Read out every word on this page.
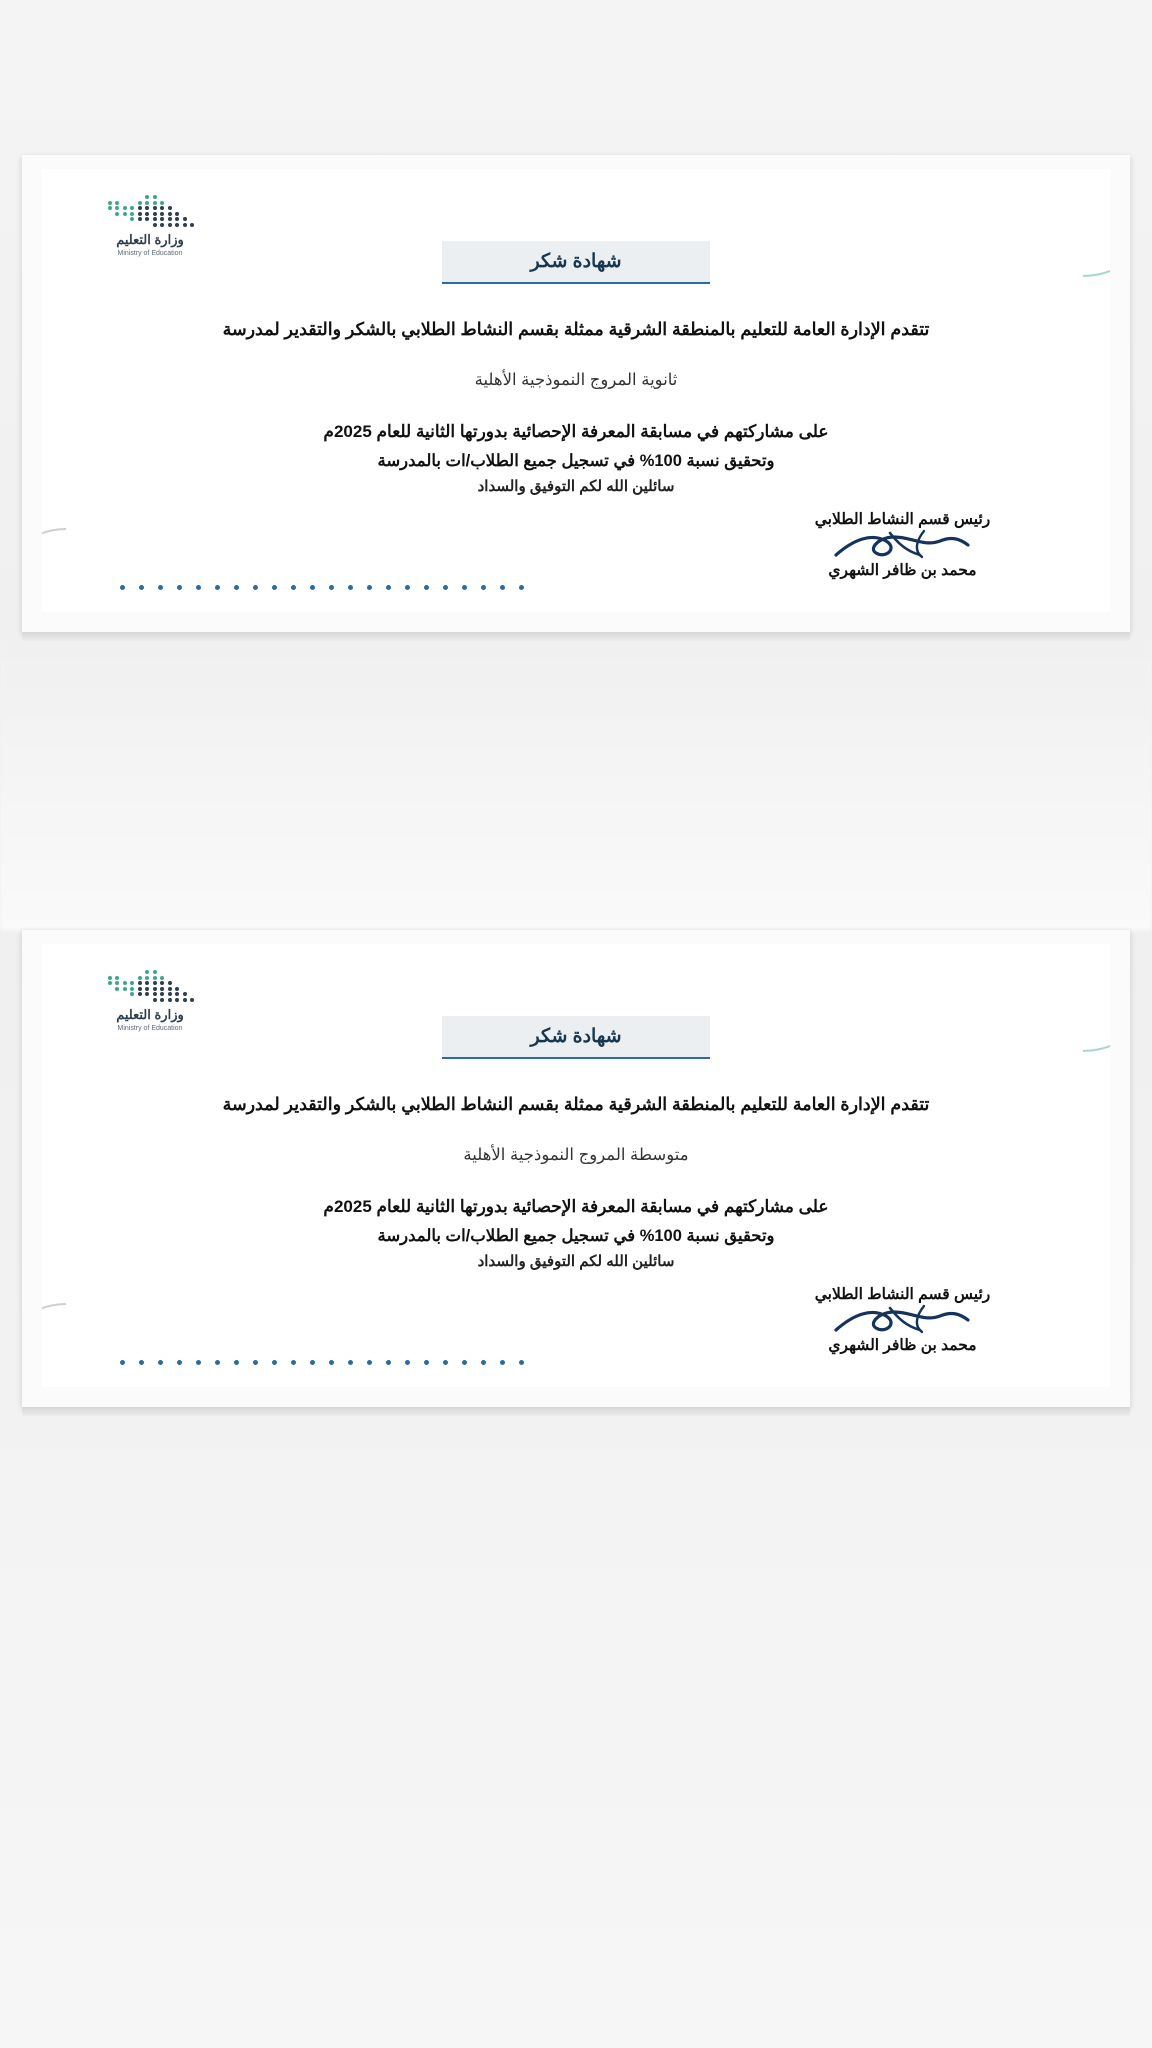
وزارة التعليم
Ministry of Education	شهادة شكر
تتقدم الإدارة العامة للتعليم بالمنطقة الشرقية ممثلة بقسم النشاط الطلابي بالشكر والتقدير لمدرسة
ثانوية المروج النموذجية الأهلية
على مشاركتهم في مسابقة المعرفة الإحصائية بدورتها الثانية للعام 2025م
وتحقيق نسبة 100% في تسجيل جميع الطلاب/ات بالمدرسة
سائلين الله لكم التوفيق والسداد
رئيس قسم النشاط الطلابي
محمد بن ظافر الشهري
وزارة التعليم
Ministry of Education	شهادة شكر
تتقدم الإدارة العامة للتعليم بالمنطقة الشرقية ممثلة بقسم النشاط الطلابي بالشكر والتقدير لمدرسة
متوسطة المروج النموذجية الأهلية
على مشاركتهم في مسابقة المعرفة الإحصائية بدورتها الثانية للعام 2025م
وتحقيق نسبة 100% في تسجيل جميع الطلاب/ات بالمدرسة
سائلين الله لكم التوفيق والسداد
رئيس قسم النشاط الطلابي
محمد بن ظافر الشهري
